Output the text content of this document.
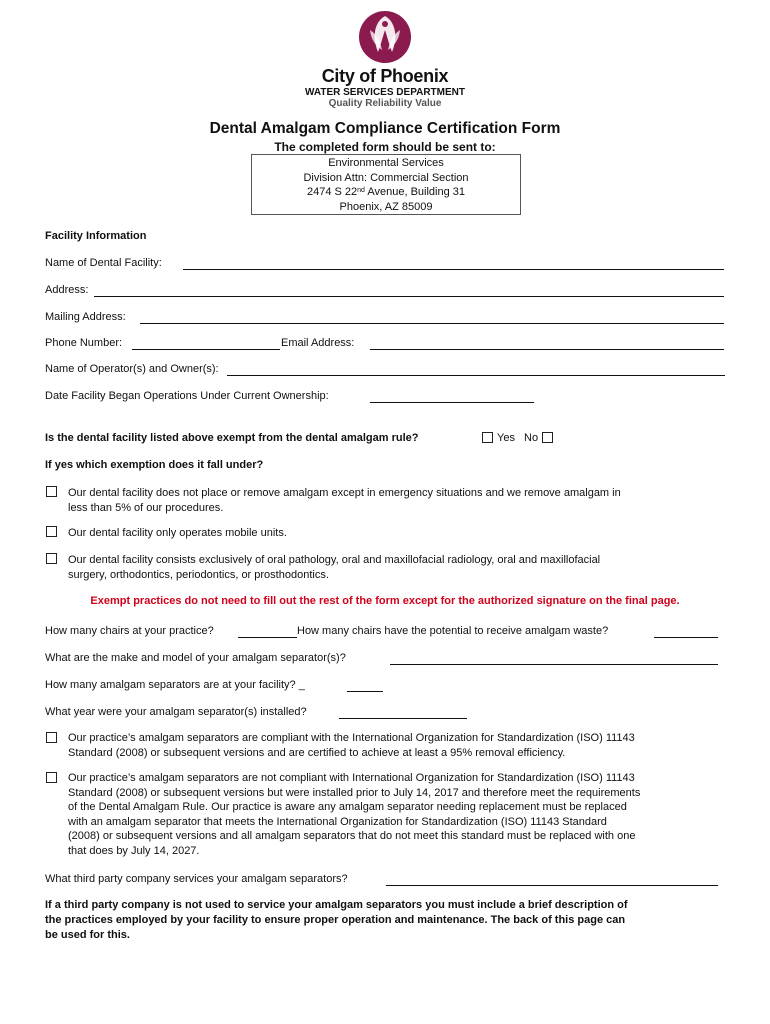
City of Phoenix
WATER SERVICES DEPARTMENT
Quality Reliability Value
Dental Amalgam Compliance Certification Form
The completed form should be sent to:
Environmental Services
Division Attn: Commercial Section
2474 S 22nd Avenue, Building 31
Phoenix, AZ 85009
Facility Information
Name of Dental Facility:
Address:
Mailing Address:
Phone Number:	Email Address:
Name of Operator(s) and Owner(s):
Date Facility Began Operations Under Current Ownership:
Is the dental facility listed above exempt from the dental amalgam rule?	Yes No
If yes which exemption does it fall under?
Our dental facility does not place or remove amalgam except in emergency situations and we remove amalgam in
less than 5% of our procedures.
Our dental facility only operates mobile units.
Our dental facility consists exclusively of oral pathology, oral and maxillofacial radiology, oral and maxillofacial
surgery, orthodontics, periodontics, or prosthodontics.
Exempt practices do not need to fill out the rest of the form except for the authorized signature on the final page.
How many chairs at your practice?	How many chairs have the potential to receive amalgam waste?
What are the make and model of your amalgam separator(s)?
How many amalgam separators are at your facility? _
What year were your amalgam separator(s) installed?
Our practice’s amalgam separators are compliant with the International Organization for Standardization (ISO) 11143
Standard (2008) or subsequent versions and are certified to achieve at least a 95% removal efficiency.
Our practice’s amalgam separators are not compliant with International Organization for Standardization (ISO) 11143
Standard (2008) or subsequent versions but were installed prior to July 14, 2017 and therefore meet the requirements
of the Dental Amalgam Rule. Our practice is aware any amalgam separator needing replacement must be replaced
with an amalgam separator that meets the International Organization for Standardization (ISO) 11143 Standard
(2008) or subsequent versions and all amalgam separators that do not meet this standard must be replaced with one
that does by July 14, 2027.
What third party company services your amalgam separators?
If a third party company is not used to service your amalgam separators you must include a brief description of
the practices employed by your facility to ensure proper operation and maintenance. The back of this page can
be used for this.
